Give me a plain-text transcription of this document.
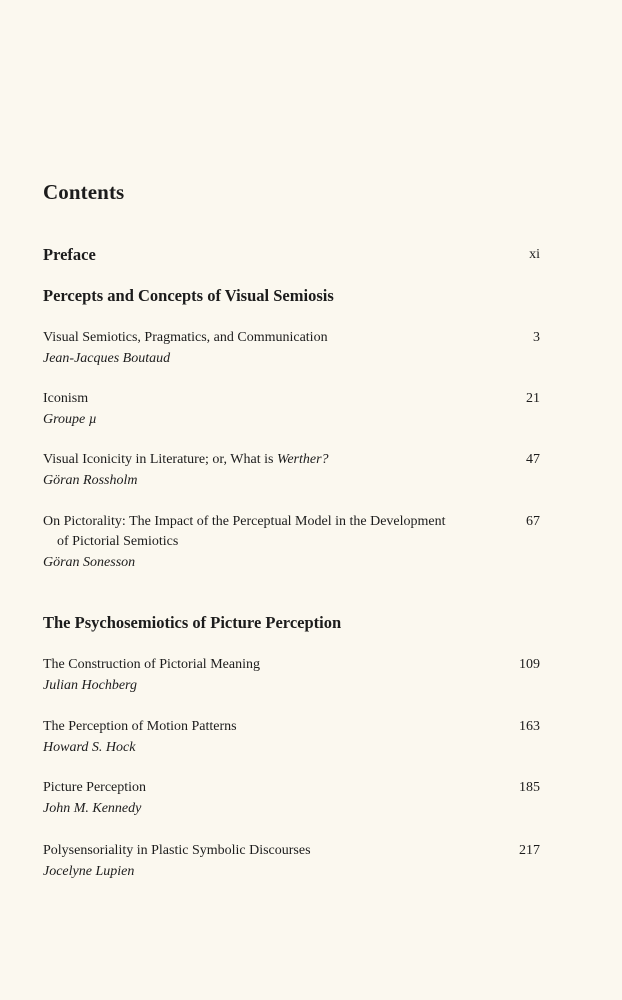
Contents
Preface	xi
Percepts and Concepts of Visual Semiosis
Visual Semiotics, Pragmatics, and Communication
Jean-Jacques Boutaud
3
Iconism
Groupe µ
21
Visual Iconicity in Literature; or, What is Werther?
Göran Rossholm
47
On Pictorality: The Impact of the Perceptual Model in the Development
of Pictorial Semiotics
Göran Sonesson
67
The Psychosemiotics of Picture Perception
The Construction of Pictorial Meaning
Julian Hochberg
109
The Perception of Motion Patterns
Howard S. Hock
163
Picture Perception
John M. Kennedy
185
Polysensoriality in Plastic Symbolic Discourses
Jocelyne Lupien
217
